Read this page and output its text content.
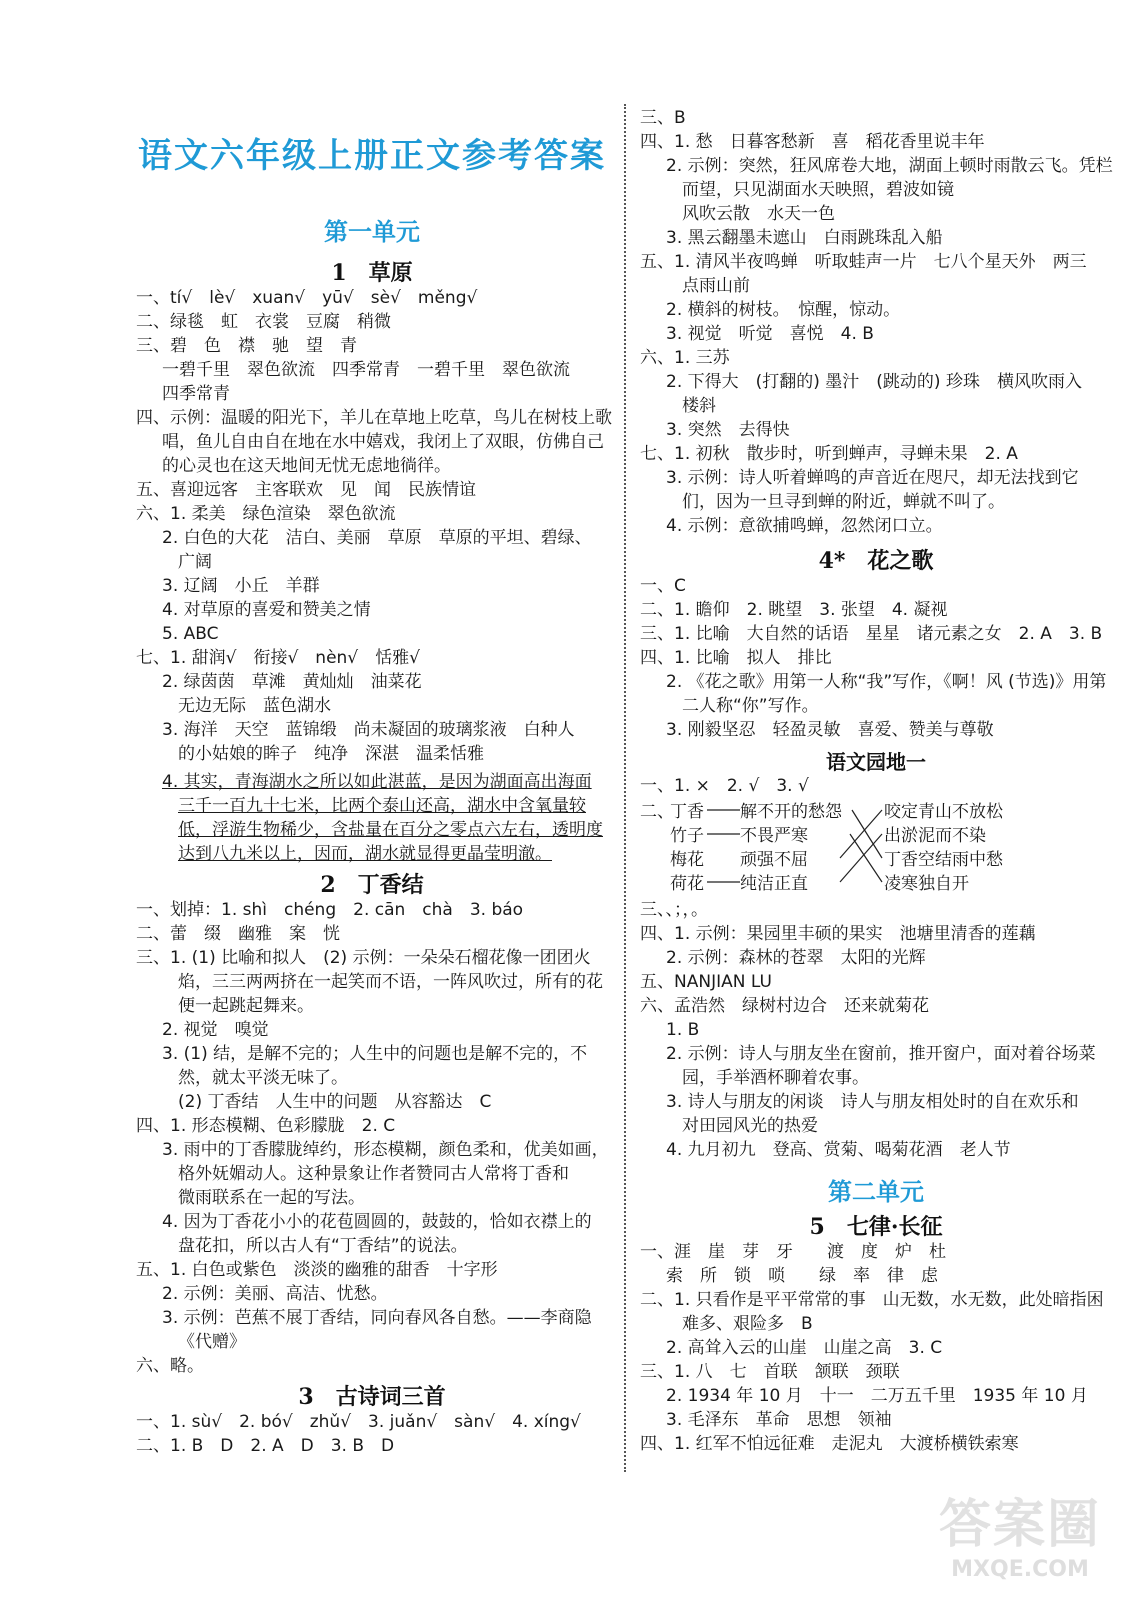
语文六年级上册正文参考答案
第一单元
1　草原
一、tí√　lè√　xuan√　yū√　sè√　měng√
二、绿毯　虹　衣裳　豆腐　稍微
三、碧　色　襟　驰　望　青
一碧千里　翠色欲流　四季常青　一碧千里　翠色欲流
四季常青
四、示例：温暖的阳光下，羊儿在草地上吃草，鸟儿在树枝上歌
唱，鱼儿自由自在地在水中嬉戏，我闭上了双眼，仿佛自己
的心灵也在这天地间无忧无虑地徜徉。
五、喜迎远客　主客联欢　见　闻　民族情谊
六、1. 柔美　绿色渲染　翠色欲流
2. 白色的大花　洁白、美丽　草原　草原的平坦、碧绿、
广阔
3. 辽阔　小丘　羊群
4. 对草原的喜爱和赞美之情
5. ABC
七、1. 甜润√　衔接√　nèn√　恬雅√
2. 绿茵茵　草滩　黄灿灿　油菜花
无边无际　蓝色湖水
3. 海洋　天空　蓝锦缎　尚未凝固的玻璃浆液　白种人
的小姑娘的眸子　纯净　深湛　温柔恬雅
4. 其实，青海湖水之所以如此湛蓝，是因为湖面高出海面
三千一百九十七米，比两个泰山还高，湖水中含氧量较
低，浮游生物稀少，含盐量在百分之零点六左右，透明度
达到八九米以上，因而，湖水就显得更晶莹明澈。
2　丁香结
一、划掉：1. shì　chéng　2. cān　chà　3. báo
二、蕾　缀　幽雅　案　恍
三、1. (1) 比喻和拟人　(2) 示例：一朵朵石榴花像一团团火
焰，三三两两挤在一起笑而不语，一阵风吹过，所有的花
便一起跳起舞来。
2. 视觉　嗅觉
3. (1) 结，是解不完的；人生中的问题也是解不完的，不
然，就太平淡无味了。
(2) 丁香结　人生中的问题　从容豁达　C
四、1. 形态模糊、色彩朦胧　2. C
3. 雨中的丁香朦胧绰约，形态模糊，颜色柔和，优美如画，
格外妩媚动人。这种景象让作者赞同古人常将丁香和
微雨联系在一起的写法。
4. 因为丁香花小小的花苞圆圆的，鼓鼓的，恰如衣襟上的
盘花扣，所以古人有“丁香结”的说法。
五、1. 白色或紫色　淡淡的幽雅的甜香　十字形
2. 示例：美丽、高洁、忧愁。
3. 示例：芭蕉不展丁香结，同向春风各自愁。——李商隐
《代赠》
六、略。
3　古诗词三首
一、1. sù√　2. bó√　zhǔ√　3. juǎn√　sàn√　4. xíng√
二、1. B　D　2. A　D　3. B　D
三、B
四、1. 愁　日暮客愁新　喜　稻花香里说丰年
2. 示例：突然，狂风席卷大地，湖面上顿时雨散云飞。凭栏
而望，只见湖面水天映照，碧波如镜
风吹云散　水天一色
3. 黑云翻墨未遮山　白雨跳珠乱入船
五、1. 清风半夜鸣蝉　听取蛙声一片　七八个星天外　两三
点雨山前
2. 横斜的树枝。　惊醒，惊动。
3. 视觉　听觉　喜悦　4. B
六、1. 三苏
2. 下得大　(打翻的) 墨汁　(跳动的) 珍珠　横风吹雨入
楼斜
3. 突然　去得快
七、1. 初秋　散步时，听到蝉声，寻蝉未果　2. A
3. 示例：诗人听着蝉鸣的声音近在咫尺，却无法找到它
们，因为一旦寻到蝉的附近，蝉就不叫了。
4. 示例：意欲捕鸣蝉，忽然闭口立。
4*　花之歌
一、C
二、1. 瞻仰　2. 眺望　3. 张望　4. 凝视
三、1. 比喻　大自然的话语　星星　诸元素之女　2. A　3. B
四、1. 比喻　拟人　排比
2. 《花之歌》用第一人称“我”写作，《啊！风 (节选)》用第
二人称“你”写作。
3. 刚毅坚忍　轻盈灵敏　喜爱、赞美与尊敬
语文园地一
一、1. ×　2. √　3. √
二、
丁香
竹子
梅花
荷花
解不开的愁怨
不畏严寒
顽强不屈
纯洁正直
咬定青山不放松
出淤泥而不染
丁香空结雨中愁
凌寒独自开
三、、；，。
四、1. 示例：果园里丰硕的果实　池塘里清香的莲藕
2. 示例：森林的苍翠　太阳的光辉
五、NANJIAN LU
六、孟浩然　绿树村边合　还来就菊花
1. B
2. 示例：诗人与朋友坐在窗前，推开窗户，面对着谷场菜
园，手举酒杯聊着农事。
3. 诗人与朋友的闲谈　诗人与朋友相处时的自在欢乐和
对田园风光的热爱
4. 九月初九　登高、赏菊、喝菊花酒　老人节
第二单元
5　七律·长征
一、涯　崖　芽　牙　　渡　度　炉　杜
索　所　锁　唢　　绿　率　律　虑
二、1. 只看作是平平常常的事　山无数，水无数，此处暗指困
难多、艰险多　B
2. 高耸入云的山崖　山崖之高　3. C
三、1. 八　七　首联　颔联　颈联
2. 1934 年 10 月　十一　二万五千里　1935 年 10 月
3. 毛泽东　革命　思想　领袖
四、1. 红军不怕远征难　走泥丸　大渡桥横铁索寒
答案圈
MXQE.COM
